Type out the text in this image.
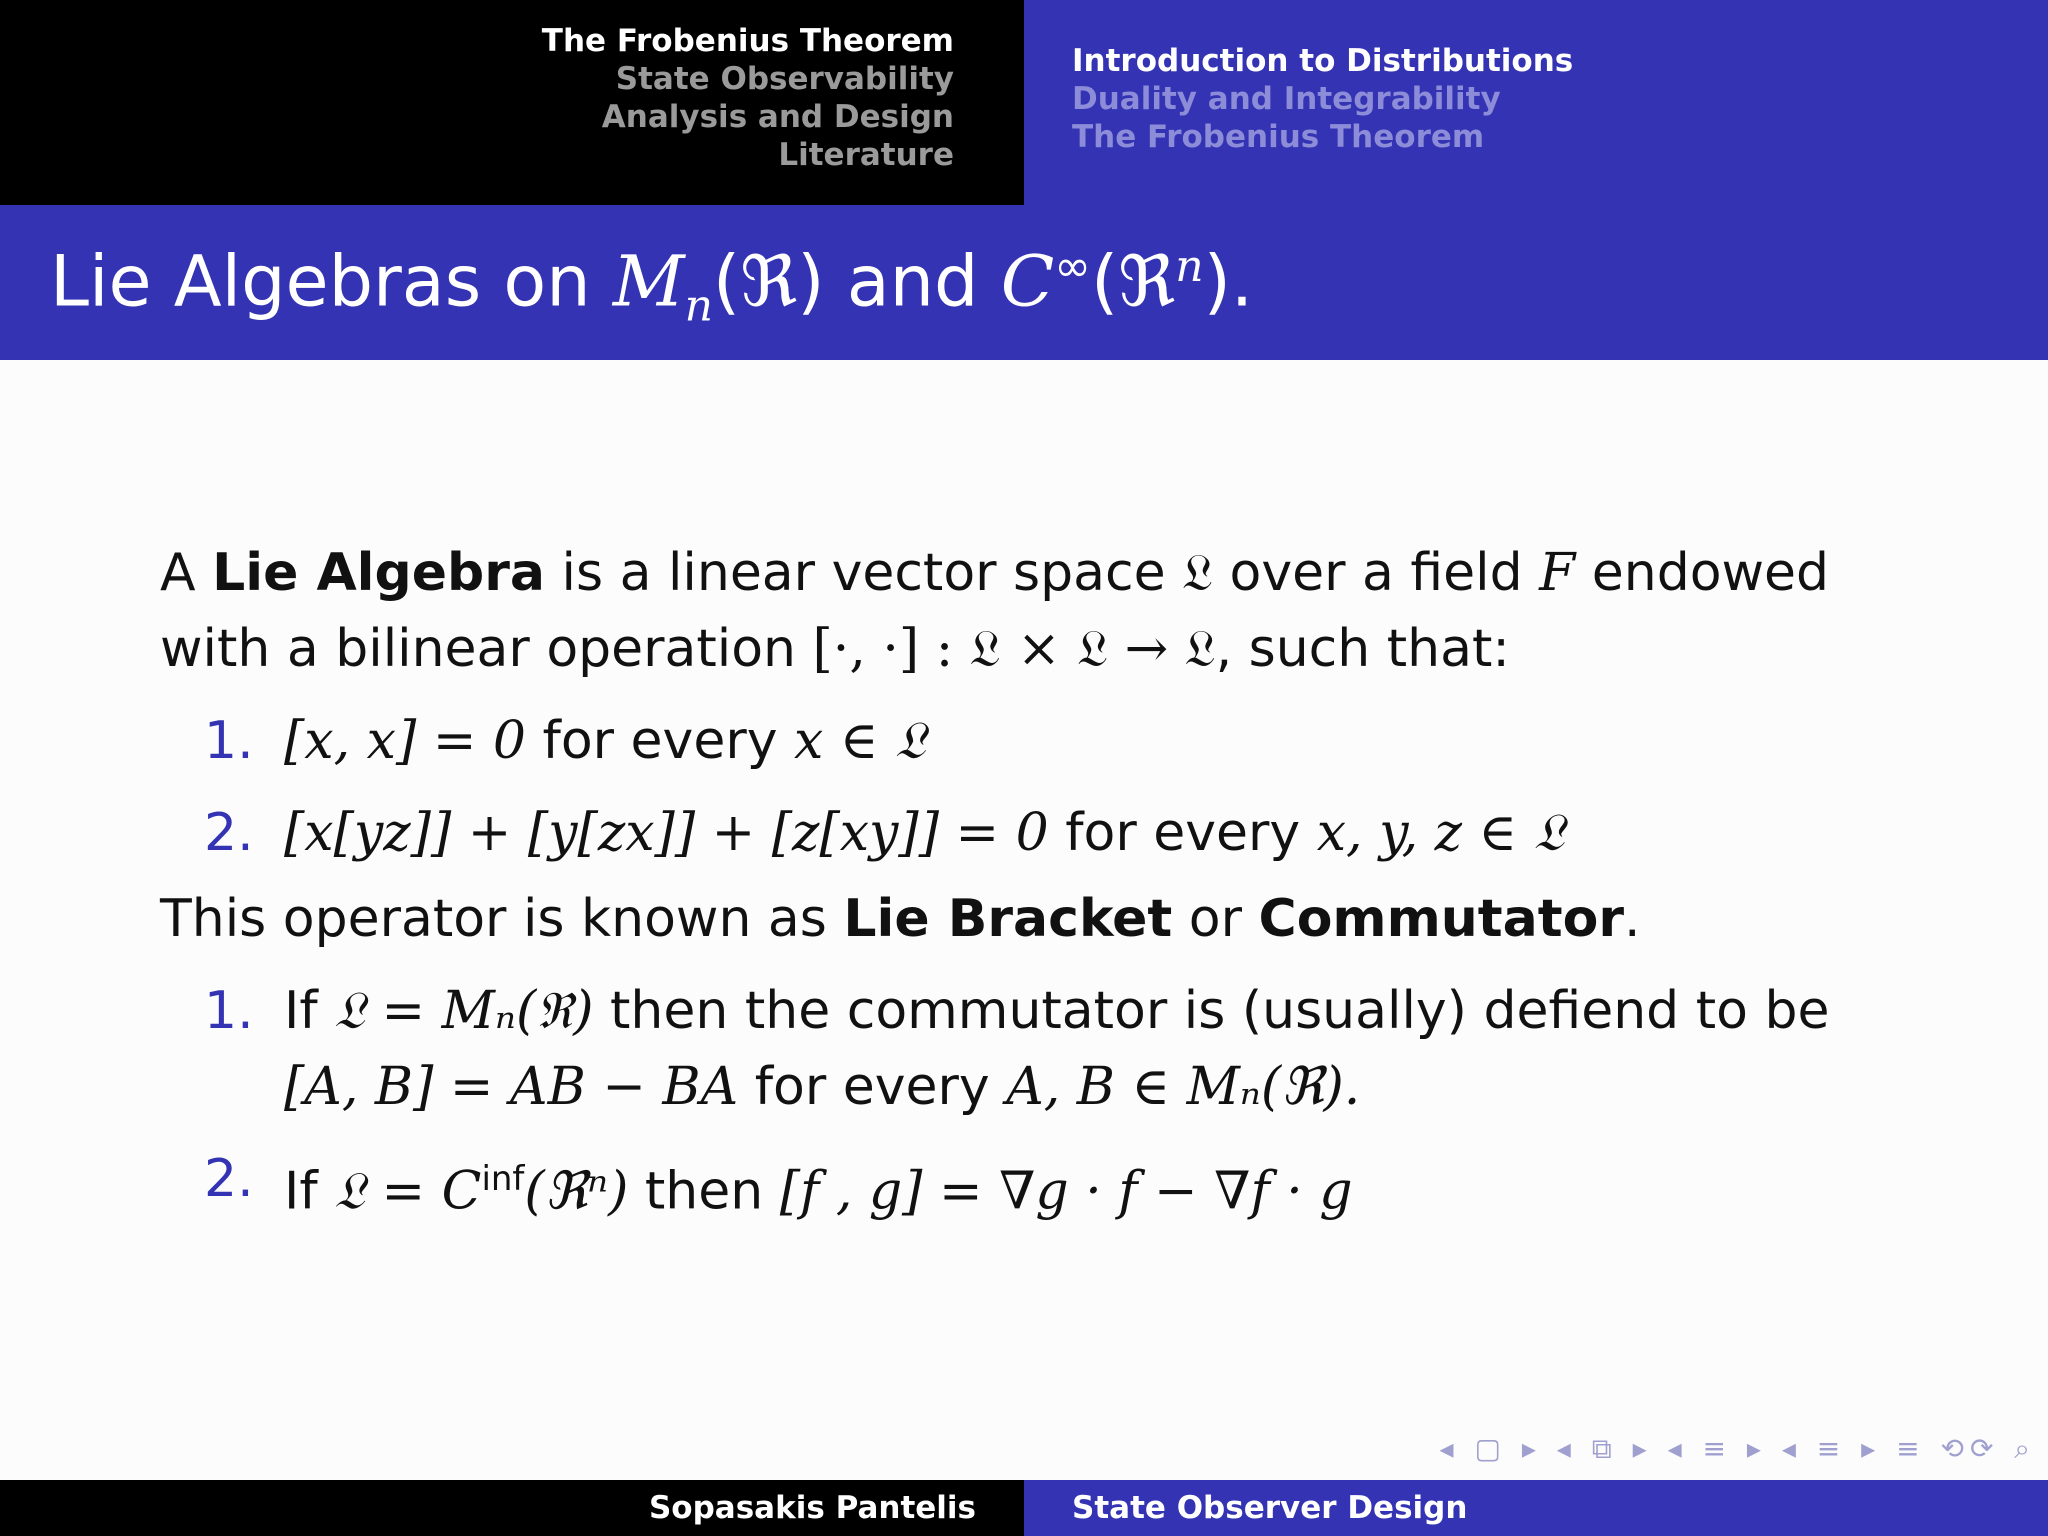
The Frobenius Theorem
State Observability
Analysis and Design
Literature
Introduction to Distributions
Duality and Integrability
The Frobenius Theorem
Lie Algebras on $M_n(ℜ)$ and C∞(ℜ$^n$).

A Lie Algebra is a linear vector space 𝔏 over a field F endowed
with a bilinear operation [·, ·] : 𝔏 × 𝔏 → 𝔏, such that:

1. [x, x] = 0 for every x ∈ 𝔏
2. [x[yz]] + [y[zx]] + [z[xy]] = 0 for every x, y, z ∈ 𝔏

This operator is known as Lie Bracket or Commutator.

1. If 𝔏 = Mₙ(ℜ) then the commutator is (usually) defiend to be
[A, B] = AB − BA for every A, B ∈ Mₙ(ℜ).
2. If 𝔏 = $C^{inf}(ℜ^n)$ then [f , g] = ∇g · f − ∇f · g
◂ ▢ ▸ ◂ ⧉ ▸ ◂ ≡ ▸ ◂ ≡ ▸ ≡ ⟲⟳ ⌕
Sopasakis Pantelis	State Observer Design
